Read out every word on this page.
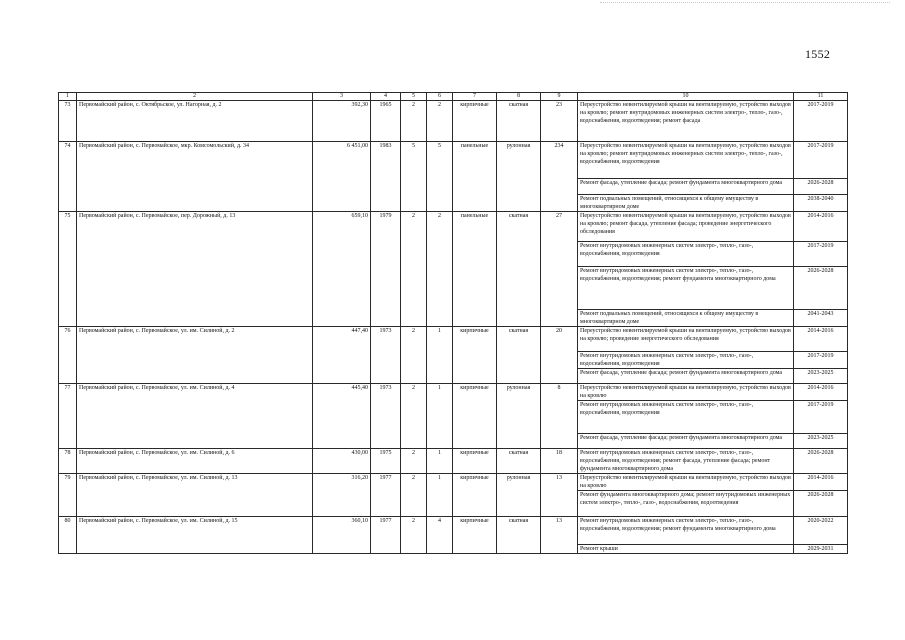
1552
1	2	3	4	5	6	7	8	9	10	11
73	Первомайский район, с. Октябрьское, ул. Нагорная, д. 2	392,30	1965	2	2	кирпичные	скатная	23	Переустройство невентилируемой крыши на вентилируемую, устройство выходов на кровлю; ремонт внутридомовых инженерных систем электро-, тепло-, газо-, водоснабжения, водоотведения; ремонт фасада	2017-2019
74	Первомайский район, с. Первомайское, мкр. Комсомольский, д. 34	6 451,00	1983	5	5	панельные	рулонная	234	Переустройство невентилируемой крыши на вентилируемую, устройство выходов на кровлю; ремонт внутридомовых инженерных систем электро-, тепло-, газо-, водоснабжения, водоотведения	2017-2019
									Ремонт фасада, утепление фасада; ремонт фундамента многоквартирного дома	2026-2028
									Ремонт подвальных помещений, относящихся к общему имуществу в многоквартирном доме	2038-2040
75	Первомайский район, с. Первомайское, пер. Дорожный, д. 13	659,10	1979	2	2	панельные	скатная	27	Переустройство невентилируемой крыши на вентилируемую, устройство выходов на кровлю; ремонт фасада, утепление фасада; проведение энергетического обследования	2014-2016
									Ремонт внутридомовых инженерных систем электро-, тепло-, газо-, водоснабжения, водоотведения	2017-2019
									Ремонт внутридомовых инженерных систем электро-, тепло-, газо-, водоснабжения, водоотведения; ремонт фундамента многоквартирного дома	2026-2028
									Ремонт подвальных помещений, относящихся к общему имуществу в многоквартирном доме	2041-2043
76	Первомайский район, с. Первомайское, ул. им. Силиной, д. 2	447,40	1973	2	1	кирпичные	скатная	20	Переустройство невентилируемой крыши на вентилируемую, устройство выходов на кровлю; проведение энергетического обследования	2014-2016
									Ремонт внутридомовых инженерных систем электро-, тепло-, газо-, водоснабжения, водоотведения	2017-2019
									Ремонт фасада, утепление фасада; ремонт фундамента многоквартирного дома	2023-2025
77	Первомайский район, с. Первомайское, ул. им. Силиной, д. 4	445,40	1973	2	1	кирпичные	рулонная	8	Переустройство невентилируемой крыши на вентилируемую, устройство выходов на кровлю	2014-2016
									Ремонт внутридомовых инженерных систем электро-, тепло-, газо-, водоснабжения, водоотведения	2017-2019
									Ремонт фасада, утепление фасада; ремонт фундамента многоквартирного дома	2023-2025
78	Первомайский район, с. Первомайское, ул. им. Силиной, д. 6	430,00	1975	2	1	кирпичные	скатная	18	Ремонт внутридомовых инженерных систем электро-, тепло-, газо-, водоснабжения, водоотведения; ремонт фасада, утепление фасада; ремонт фундамента многоквартирного дома	2026-2028
79	Первомайский район, с. Первомайское, ул. им. Силиной, д. 13	316,20	1977	2	1	кирпичные	рулонная	13	Переустройство невентилируемой крыши на вентилируемую, устройство выходов на кровлю	2014-2016
									Ремонт фундамента многоквартирного дома; ремонт внутридомовых инженерных систем электро-, тепло-, газо-, водоснабжения, водоотведения	2026-2028
80	Первомайский район, с. Первомайское, ул. им. Силиной, д. 15	360,10	1977	2	4	кирпичные	скатная	13	Ремонт внутридомовых инженерных систем электро-, тепло-, газо-, водоснабжения, водоотведения; ремонт фундамента многоквартирного дома	2020-2022
									Ремонт крыши	2029-2031
